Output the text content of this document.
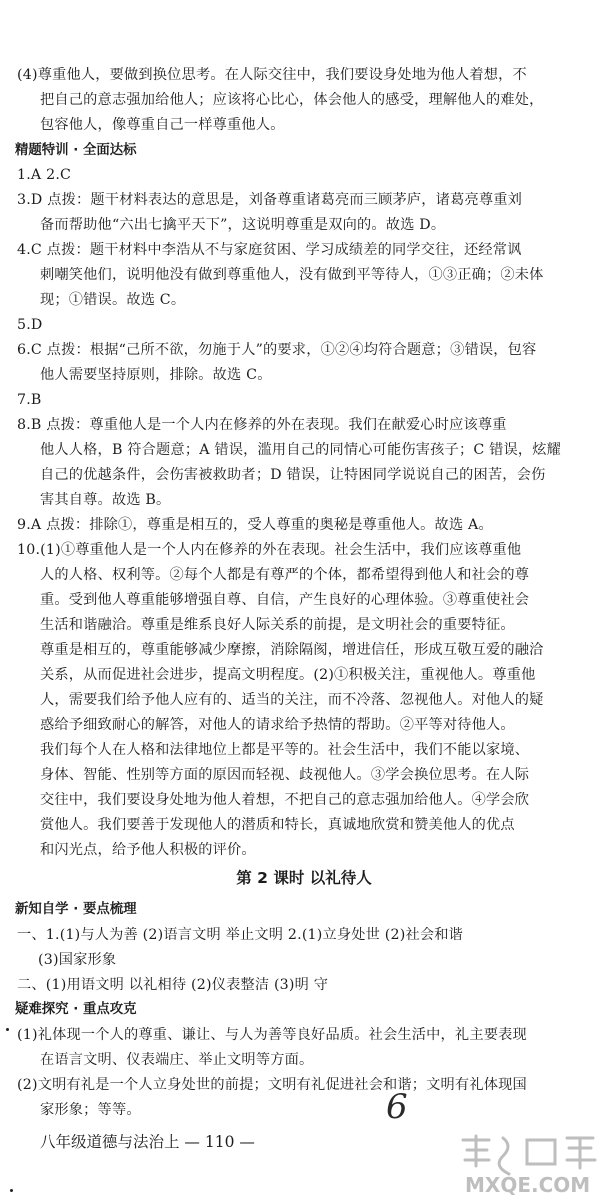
(4)尊重他人，要做到换位思考。在人际交往中，我们要设身处地为他人着想，不
把自己的意志强加给他人；应该将心比心，体会他人的感受，理解他人的难处，
包容他人，像尊重自己一样尊重他人。
精题特训 · 全面达标
1.A 2.C
3.D 点拨：题干材料表达的意思是，刘备尊重诸葛亮而三顾茅庐，诸葛亮尊重刘
备而帮助他“六出七擒平天下”，这说明尊重是双向的。故选 D。
4.C 点拨：题干材料中李浩从不与家庭贫困、学习成绩差的同学交往，还经常讽
刺嘲笑他们，说明他没有做到尊重他人，没有做到平等待人，①③正确；②未体
现；①错误。故选 C。
5.D
6.C 点拨：根据“己所不欲，勿施于人”的要求，①②④均符合题意；③错误，包容
他人需要坚持原则，排除。故选 C。
7.B
8.B 点拨：尊重他人是一个人内在修养的外在表现。我们在献爱心时应该尊重
他人人格，B 符合题意；A 错误，滥用自己的同情心可能伤害孩子；C 错误，炫耀
自己的优越条件，会伤害被救助者；D 错误，让特困同学说说自己的困苦，会伤
害其自尊。故选 B。
9.A 点拨：排除①，尊重是相互的，受人尊重的奥秘是尊重他人。故选 A。
10.(1)①尊重他人是一个人内在修养的外在表现。社会生活中，我们应该尊重他
人的人格、权利等。②每个人都是有尊严的个体，都希望得到他人和社会的尊
重。受到他人尊重能够增强自尊、自信，产生良好的心理体验。③尊重使社会
生活和谐融洽。尊重是维系良好人际关系的前提，是文明社会的重要特征。
尊重是相互的，尊重能够减少摩擦，消除隔阂，增进信任，形成互敬互爱的融洽
关系，从而促进社会进步，提高文明程度。(2)①积极关注，重视他人。尊重他
人，需要我们给予他人应有的、适当的关注，而不冷落、忽视他人。对他人的疑
惑给予细致耐心的解答，对他人的请求给予热情的帮助。②平等对待他人。
我们每个人在人格和法律地位上都是平等的。社会生活中，我们不能以家境、
身体、智能、性别等方面的原因而轻视、歧视他人。③学会换位思考。在人际
交往中，我们要设身处地为他人着想，不把自己的意志强加给他人。④学会欣
赏他人。我们要善于发现他人的潜质和特长，真诚地欣赏和赞美他人的优点
和闪光点，给予他人积极的评价。
第 2 课时 以礼待人
新知自学 · 要点梳理
一、1.(1)与人为善 (2)语言文明 举止文明 2.(1)立身处世 (2)社会和谐
(3)国家形象
二、(1)用语文明 以礼相待 (2)仪表整洁 (3)明 守
疑难探究 · 重点攻克
(1)礼体现一个人的尊重、谦让、与人为善等良好品质。社会生活中，礼主要表现
在语言文明、仪表端庄、举止文明等方面。
(2)文明有礼是一个人立身处世的前提；文明有礼促进社会和谐；文明有礼体现国
家形象；等等。	6
八年级道德与法治上 — 110 —
MXQE.COM
